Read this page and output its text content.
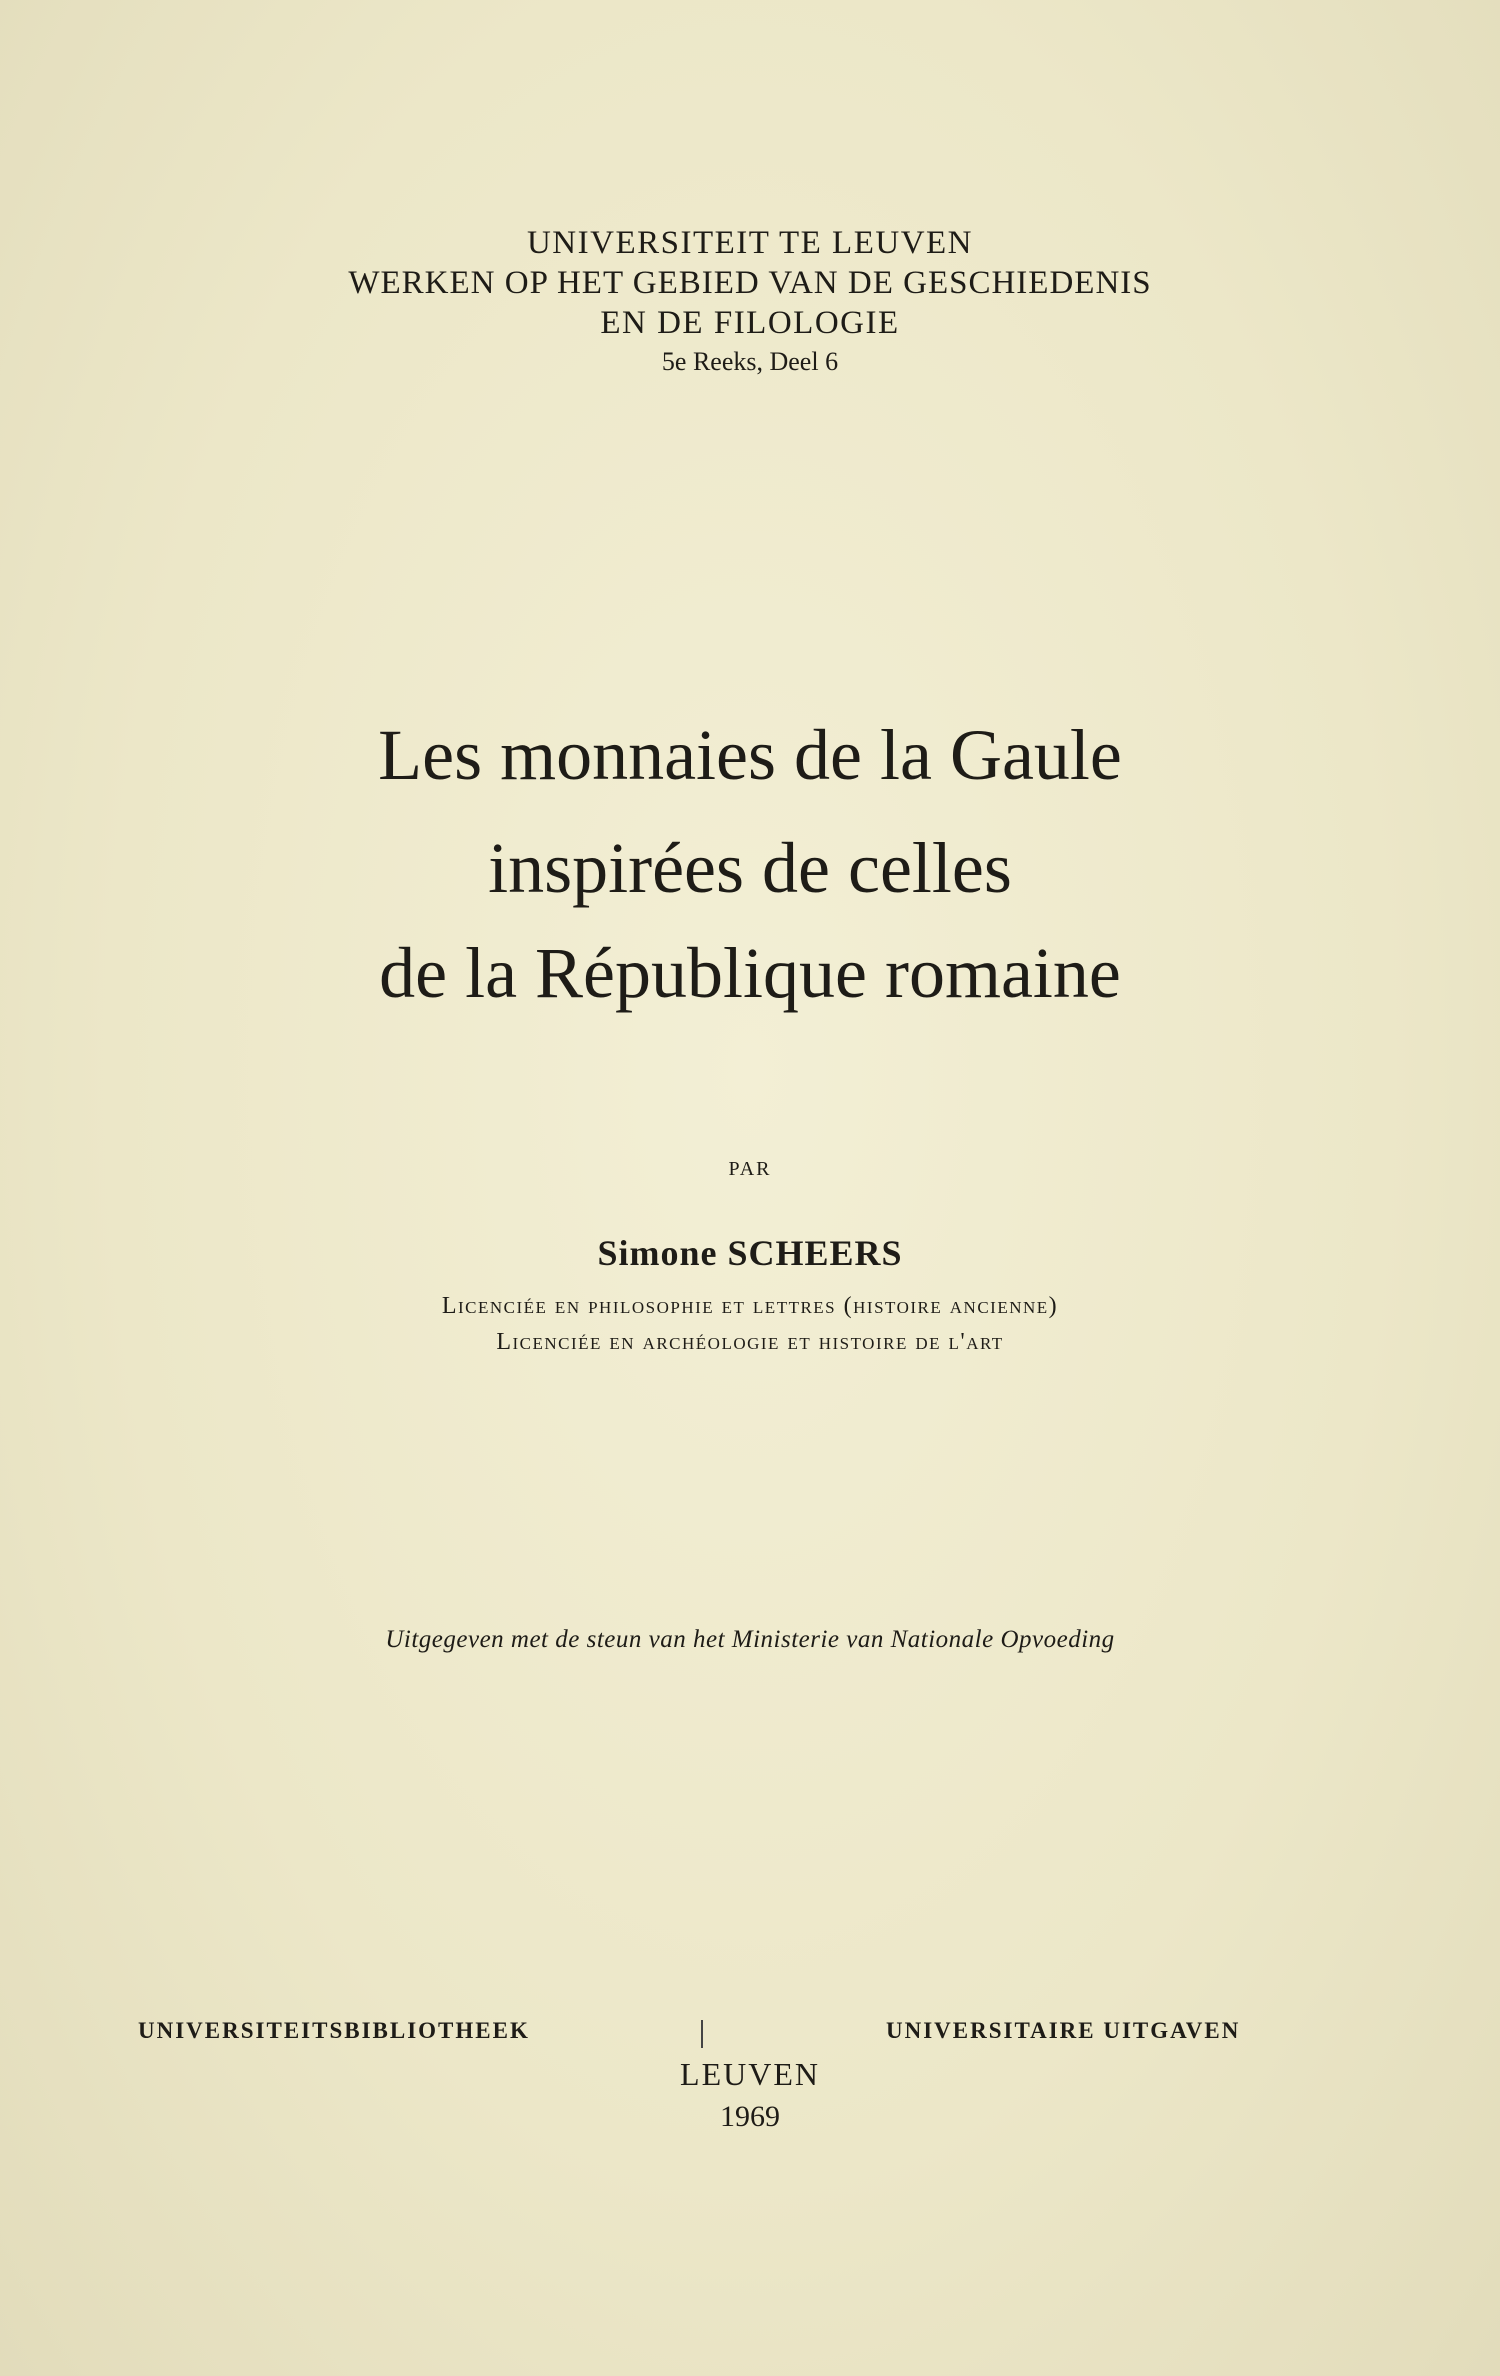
UNIVERSITEIT TE LEUVEN
WERKEN OP HET GEBIED VAN DE GESCHIEDENIS
EN DE FILOLOGIE
5e Reeks, Deel 6
Les monnaies de la Gaule
inspirées de celles
de la République romaine
PAR
Simone SCHEERS
Licenciée en philosophie et lettres (histoire ancienne)
Licenciée en archéologie et histoire de l'art
Uitgegeven met de steun van het Ministerie van Nationale Opvoeding
UNIVERSITEITSBIBLIOTHEEK	UNIVERSITAIRE UITGAVEN
LEUVEN
1969
